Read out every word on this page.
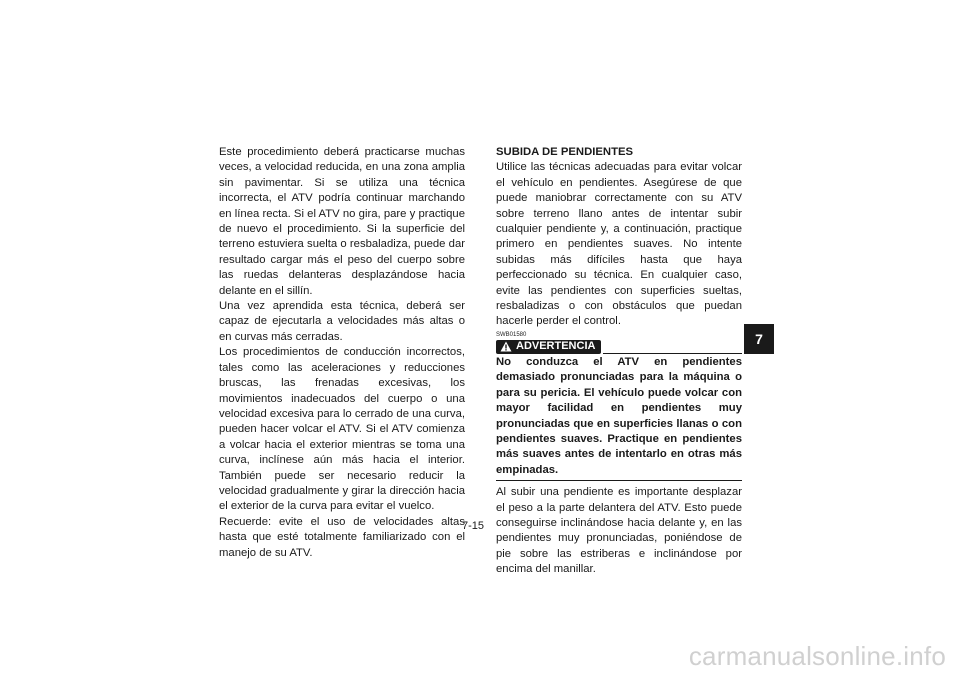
Este procedimiento deberá practicarse muchas veces, a velocidad reducida, en una zona amplia sin pavimentar. Si se utiliza una técnica incorrecta, el ATV podría continuar marchando en línea recta. Si el ATV no gira, pare y practique de nuevo el procedimiento. Si la superficie del terreno estuviera suelta o resbaladiza, puede dar resultado cargar más el peso del cuerpo sobre las ruedas delanteras desplazándose hacia delante en el sillín.

Una vez aprendida esta técnica, deberá ser capaz de ejecutarla a velocidades más altas o en curvas más cerradas.

Los procedimientos de conducción incorrectos, tales como las aceleraciones y reducciones bruscas, las frenadas excesivas, los movimientos inadecuados del cuerpo o una velocidad excesiva para lo cerrado de una curva, pueden hacer volcar el ATV. Si el ATV comienza a volcar hacia el exterior mientras se toma una curva, inclínese aún más hacia el interior. También puede ser necesario reducir la velocidad gradualmente y girar la dirección hacia el exterior de la curva para evitar el vuelco.

Recuerde: evite el uso de velocidades altas hasta que esté totalmente familiarizado con el manejo de su ATV.

SUBIDA DE PENDIENTES

Utilice las técnicas adecuadas para evitar volcar el vehículo en pendientes. Asegúrese de que puede maniobrar correctamente con su ATV sobre terreno llano antes de intentar subir cualquier pendiente y, a continuación, practique primero en pendientes suaves. No intente subidas más difíciles hasta que haya perfeccionado su técnica. En cualquier caso, evite las pendientes con superficies sueltas, resbaladizas o con obstáculos que puedan hacerle perder el control.

SWB01580

ADVERTENCIA

No conduzca el ATV en pendientes demasiado pronunciadas para la máquina o para su pericia. El vehículo puede volcar con mayor facilidad en pendientes muy pronunciadas que en superficies llanas o con pendientes suaves. Practique en pendientes más suaves antes de intentarlo en otras más empinadas.

Al subir una pendiente es importante desplazar el peso a la parte delantera del ATV. Esto puede conseguirse inclinándose hacia delante y, en las pendientes muy pronunciadas, poniéndose de pie sobre las estriberas e inclinándose por encima del manillar.

7
7-15
carmanualsonline.info
